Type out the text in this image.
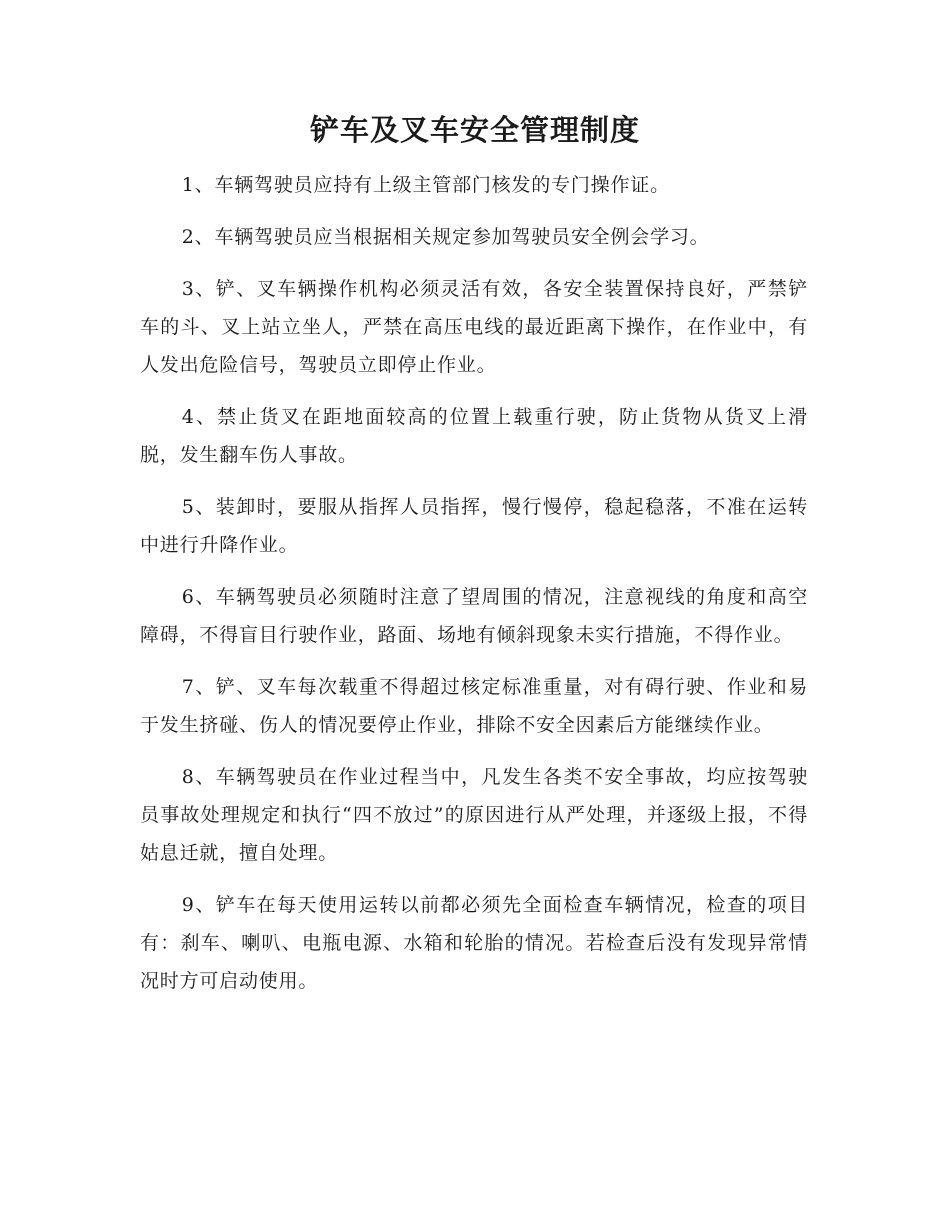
铲车及叉车安全管理制度

1、车辆驾驶员应持有上级主管部门核发的专门操作证。

2、车辆驾驶员应当根据相关规定参加驾驶员安全例会学习。

3、铲、叉车辆操作机构必须灵活有效，各安全装置保持良好，严禁铲车的斗、叉上站立坐人，严禁在高压电线的最近距离下操作，在作业中，有人发出危险信号，驾驶员立即停止作业。

4、禁止货叉在距地面较高的位置上载重行驶，防止货物从货叉上滑脱，发生翻车伤人事故。

5、装卸时，要服从指挥人员指挥，慢行慢停，稳起稳落，不准在运转中进行升降作业。

6、车辆驾驶员必须随时注意了望周围的情况，注意视线的角度和高空障碍，不得盲目行驶作业，路面、场地有倾斜现象未实行措施，不得作业。

7、铲、叉车每次载重不得超过核定标准重量，对有碍行驶、作业和易于发生挤碰、伤人的情况要停止作业，排除不安全因素后方能继续作业。

8、车辆驾驶员在作业过程当中，凡发生各类不安全事故，均应按驾驶员事故处理规定和执行“四不放过”的原因进行从严处理，并逐级上报，不得姑息迁就，擅自处理。

9、铲车在每天使用运转以前都必须先全面检查车辆情况，检查的项目有：刹车、喇叭、电瓶电源、水箱和轮胎的情况。若检查后没有发现异常情况时方可启动使用。
